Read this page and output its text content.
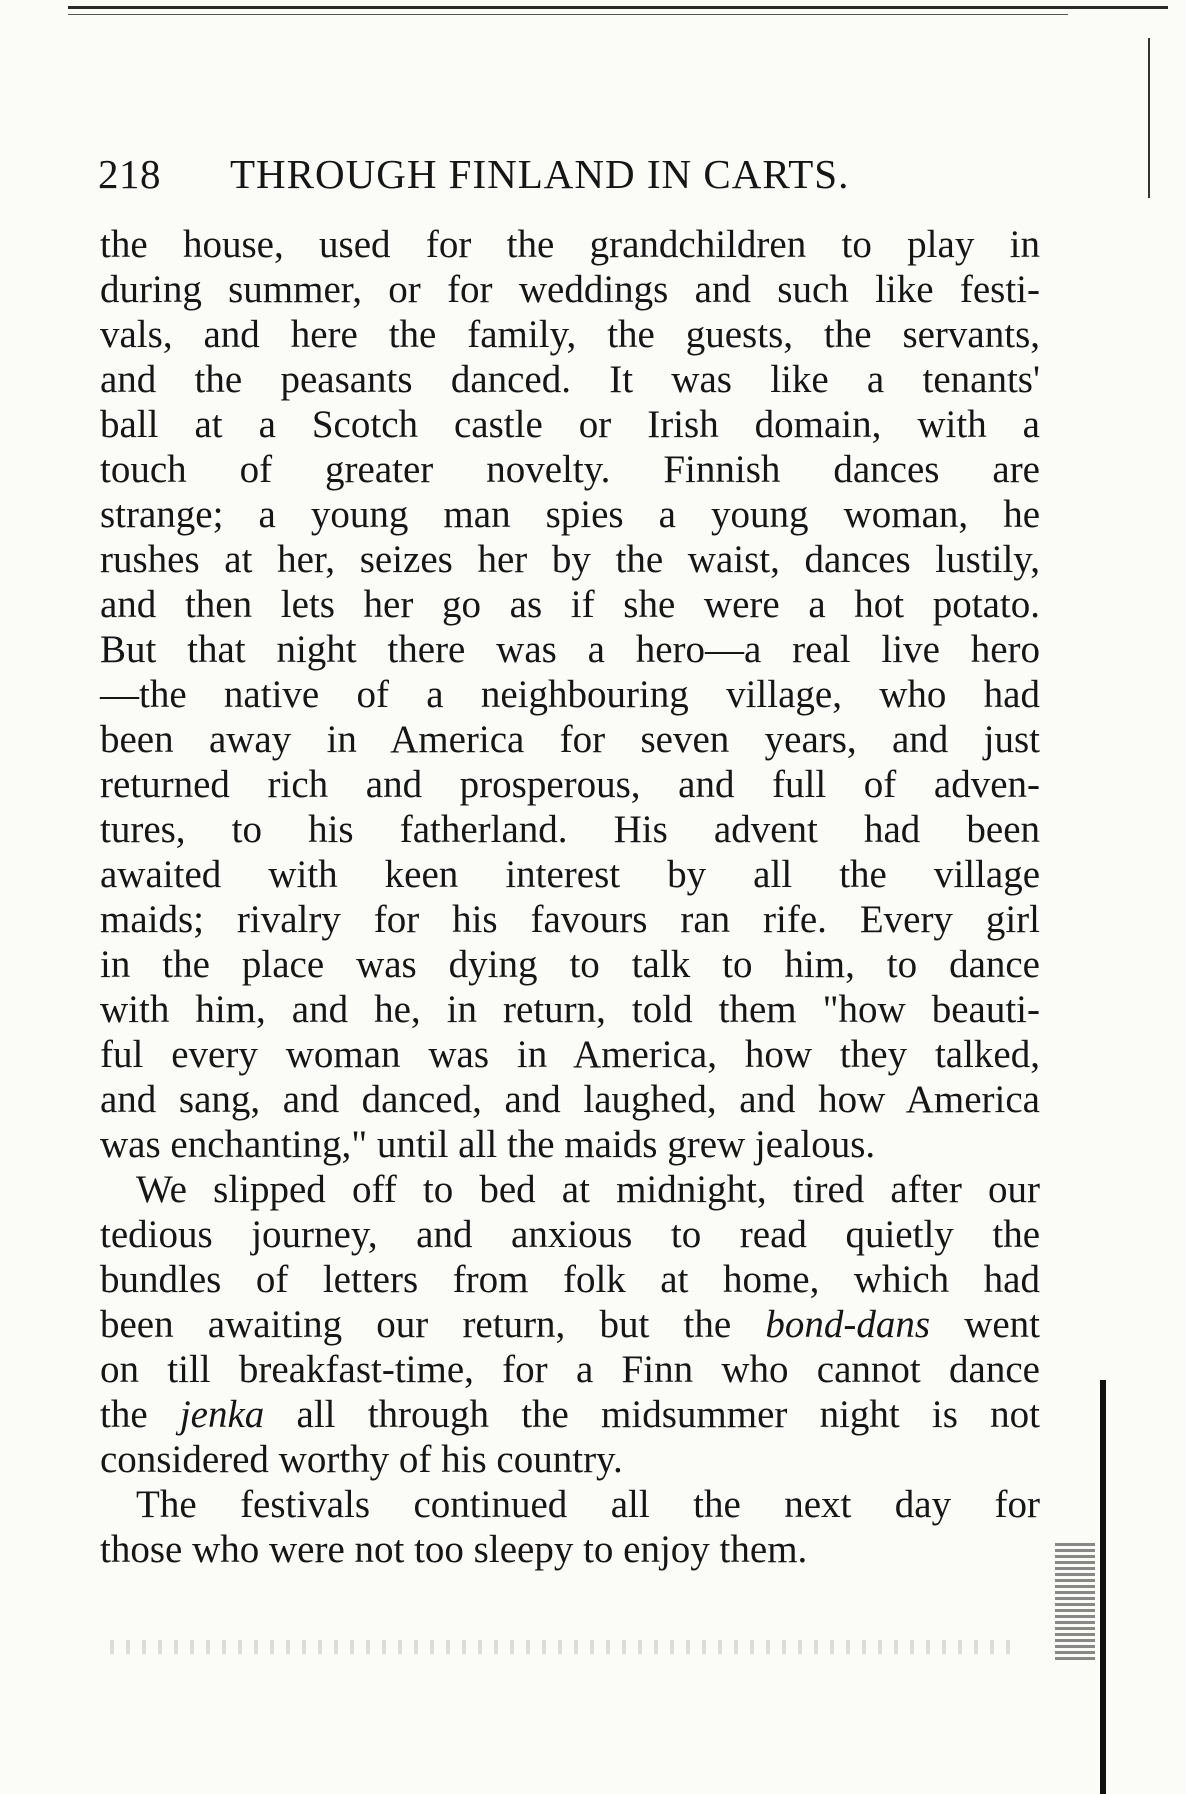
218 THROUGH FINLAND IN CARTS.
the house, used for the grandchildren to play in
during summer, or for weddings and such like festi-
vals, and here the family, the guests, the servants,
and the peasants danced. It was like a tenants'
ball at a Scotch castle or Irish domain, with a
touch of greater novelty. Finnish dances are
strange; a young man spies a young woman, he
rushes at her, seizes her by the waist, dances lustily,
and then lets her go as if she were a hot potato.
But that night there was a hero—a real live hero
—the native of a neighbouring village, who had
been away in America for seven years, and just
returned rich and prosperous, and full of adven-
tures, to his fatherland. His advent had been
awaited with keen interest by all the village
maids; rivalry for his favours ran rife. Every girl
in the place was dying to talk to him, to dance
with him, and he, in return, told them "how beauti-
ful every woman was in America, how they talked,
and sang, and danced, and laughed, and how America
was enchanting," until all the maids grew jealous.
We slipped off to bed at midnight, tired after our
tedious journey, and anxious to read quietly the
bundles of letters from folk at home, which had
been awaiting our return, but the bond-dans went
on till breakfast-time, for a Finn who cannot dance
the jenka all through the midsummer night is not
considered worthy of his country.
The festivals continued all the next day for
those who were not too sleepy to enjoy them.
